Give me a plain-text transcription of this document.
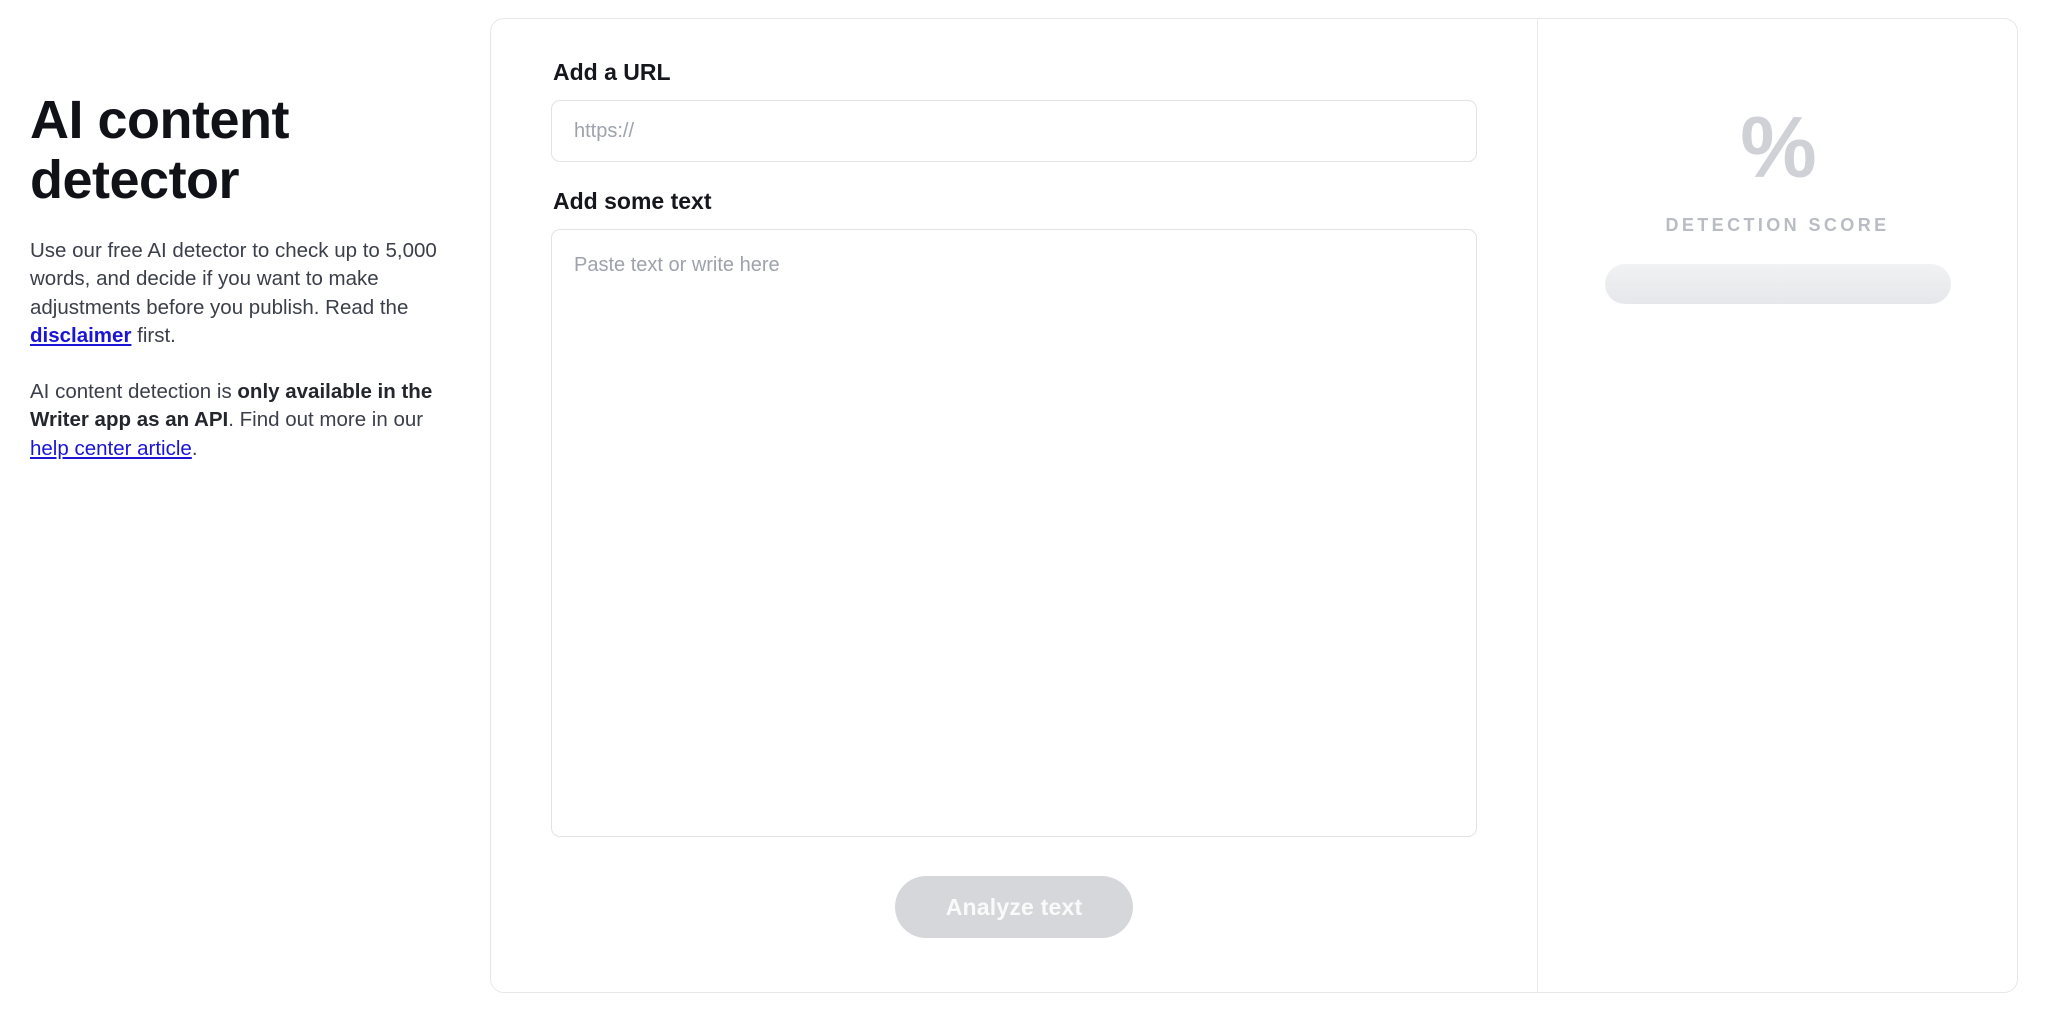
AI content detector

Use our free AI detector to check up to 5,000 words, and decide if you want to make adjustments before you publish. Read the disclaimer first.

AI content detection is only available in the Writer app as an API. Find out more in our help center article.

Add a URL
https://
Add some text
Paste text or write here
Analyze text
%
DETECTION SCORE
